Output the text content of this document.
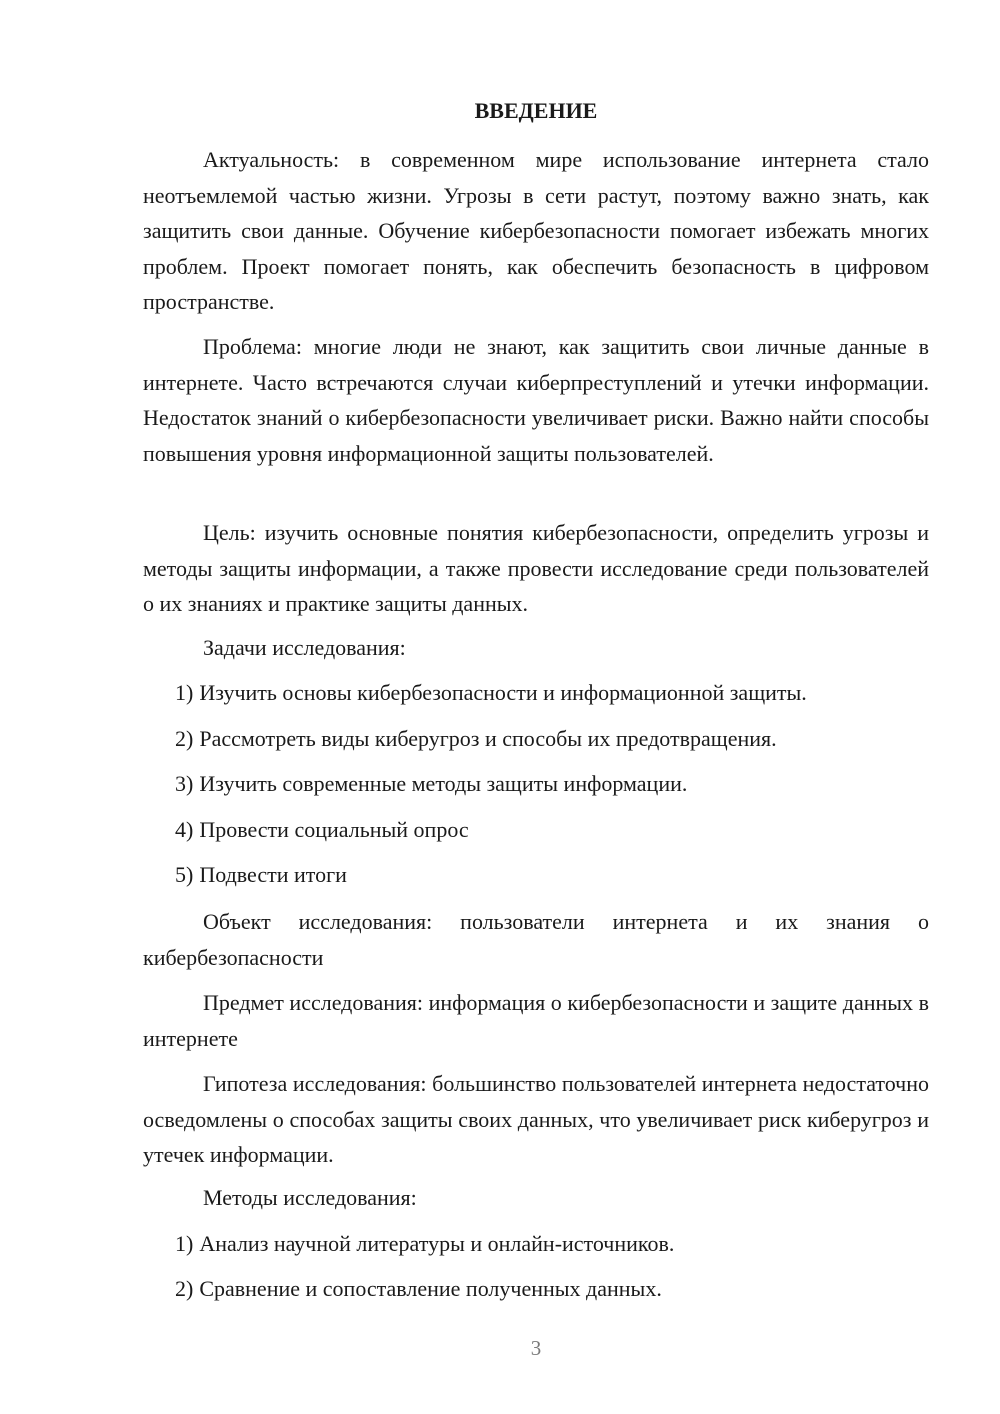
ВВЕДЕНИЕ

Актуальность: в современном мире использование интернета стало неотъемлемой частью жизни. Угрозы в сети растут, поэтому важно знать, как защитить свои данные. Обучение кибербезопасности помогает избежать многих проблем. Проект помогает понять, как обеспечить безопасность в цифровом пространстве.

Проблема: многие люди не знают, как защитить свои личные данные в интернете. Часто встречаются случаи киберпреступлений и утечки информации. Недостаток знаний о кибербезопасности увеличивает риски. Важно найти способы повышения уровня информационной защиты пользователей.

Цель: изучить основные понятия кибербезопасности, определить угрозы и методы защиты информации, а также провести исследование среди пользователей о их знаниях и практике защиты данных.

Задачи исследования:

1) Изучить основы кибербезопасности и информационной защиты.

2) Рассмотреть виды киберугроз и способы их предотвращения.

3) Изучить современные методы защиты информации.

4) Провести социальный опрос

5) Подвести итоги

Объект исследования: пользователи интернета и их знания о кибербезопасности

Предмет исследования: информация о кибербезопасности и защите данных в интернете

Гипотеза исследования: большинство пользователей интернета недостаточно осведомлены о способах защиты своих данных, что увеличивает риск киберугроз и утечек информации.

Методы исследования:

1) Анализ научной литературы и онлайн-источников.

2) Сравнение и сопоставление полученных данных.

3
